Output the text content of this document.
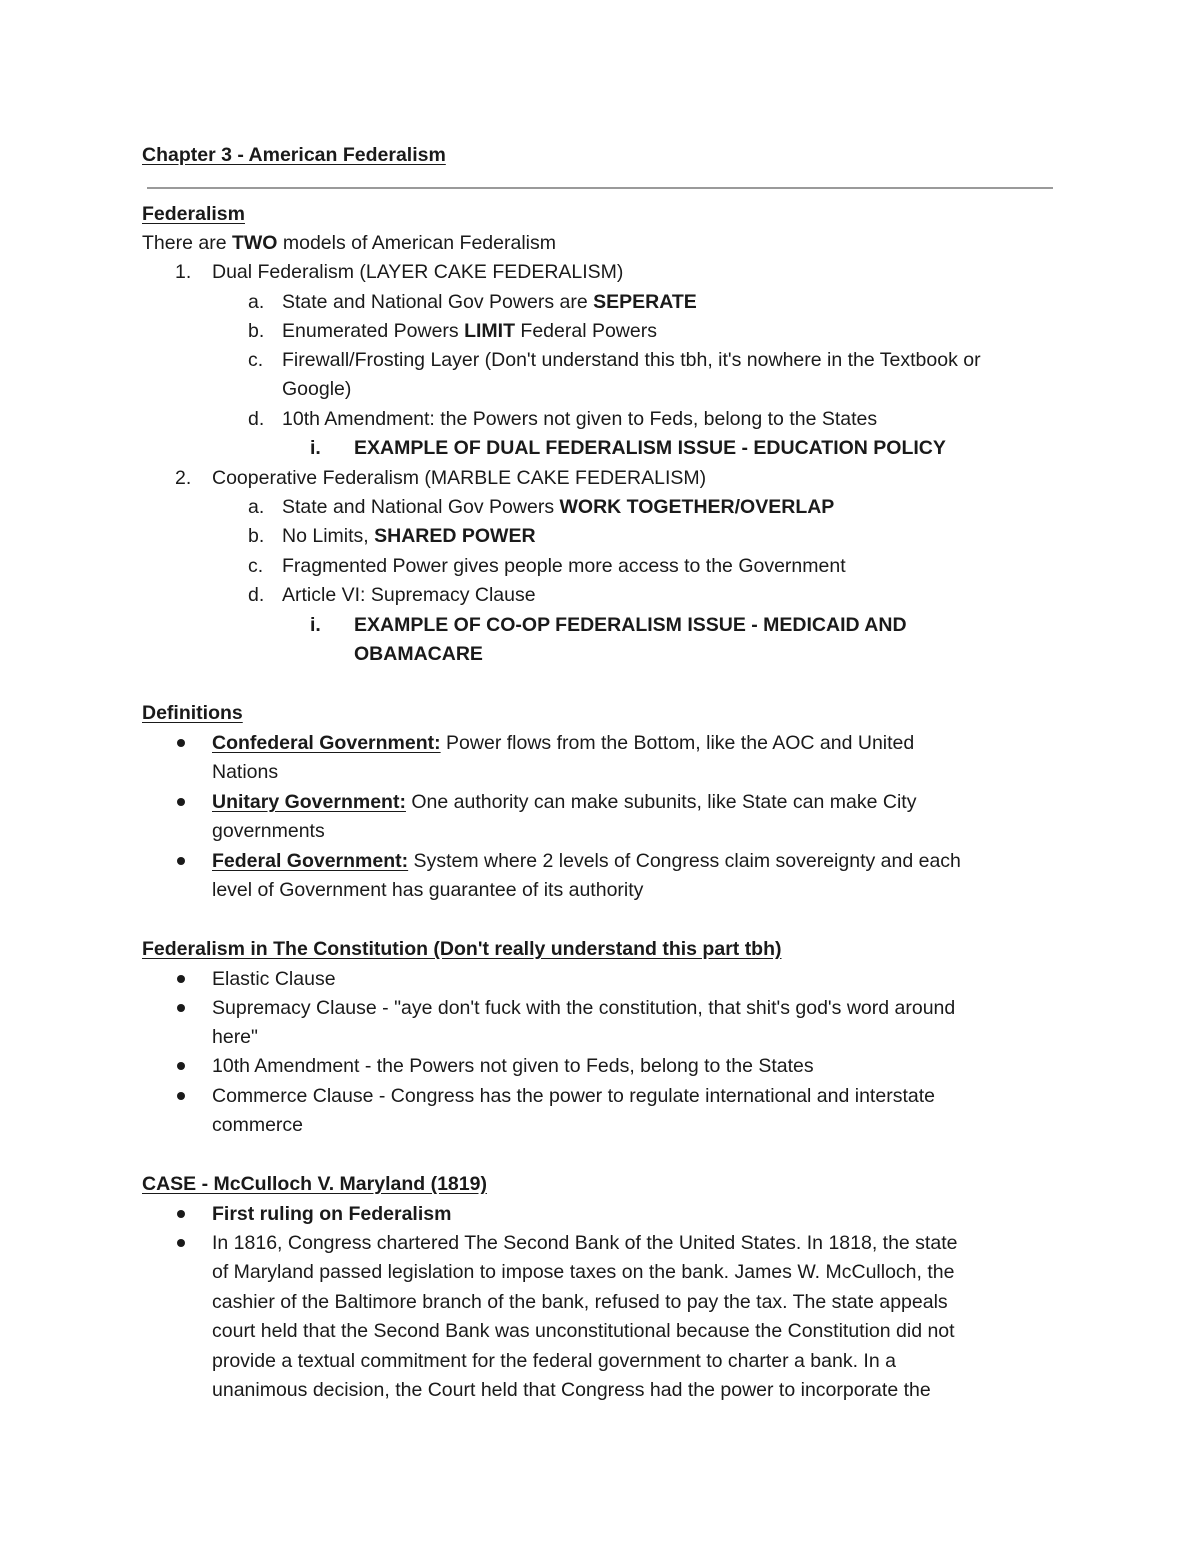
Chapter 3 - American Federalism
Federalism
There are TWO models of American Federalism
1. Dual Federalism (LAYER CAKE FEDERALISM)
a. State and National Gov Powers are SEPERATE
b. Enumerated Powers LIMIT Federal Powers
c. Firewall/Frosting Layer (Don't understand this tbh, it's nowhere in the Textbook or
Google)
d. 10th Amendment: the Powers not given to Feds, belong to the States
i. EXAMPLE OF DUAL FEDERALISM ISSUE - EDUCATION POLICY
2. Cooperative Federalism (MARBLE CAKE FEDERALISM)
a. State and National Gov Powers WORK TOGETHER/OVERLAP
b. No Limits, SHARED POWER
c. Fragmented Power gives people more access to the Government
d. Article VI: Supremacy Clause
i. EXAMPLE OF CO-OP FEDERALISM ISSUE - MEDICAID AND
OBAMACARE
Definitions
Confederal Government: Power flows from the Bottom, like the AOC and United
Nations
Unitary Government: One authority can make subunits, like State can make City
governments
Federal Government: System where 2 levels of Congress claim sovereignty and each
level of Government has guarantee of its authority
Federalism in The Constitution (Don't really understand this part tbh)
Elastic Clause
Supremacy Clause - "aye don't fuck with the constitution, that shit's god's word around
here"
10th Amendment - the Powers not given to Feds, belong to the States
Commerce Clause - Congress has the power to regulate international and interstate
commerce
CASE - McCulloch V. Maryland (1819)
First ruling on Federalism
In 1816, Congress chartered The Second Bank of the United States. In 1818, the state
of Maryland passed legislation to impose taxes on the bank. James W. McCulloch, the
cashier of the Baltimore branch of the bank, refused to pay the tax. The state appeals
court held that the Second Bank was unconstitutional because the Constitution did not
provide a textual commitment for the federal government to charter a bank. In a
unanimous decision, the Court held that Congress had the power to incorporate the
